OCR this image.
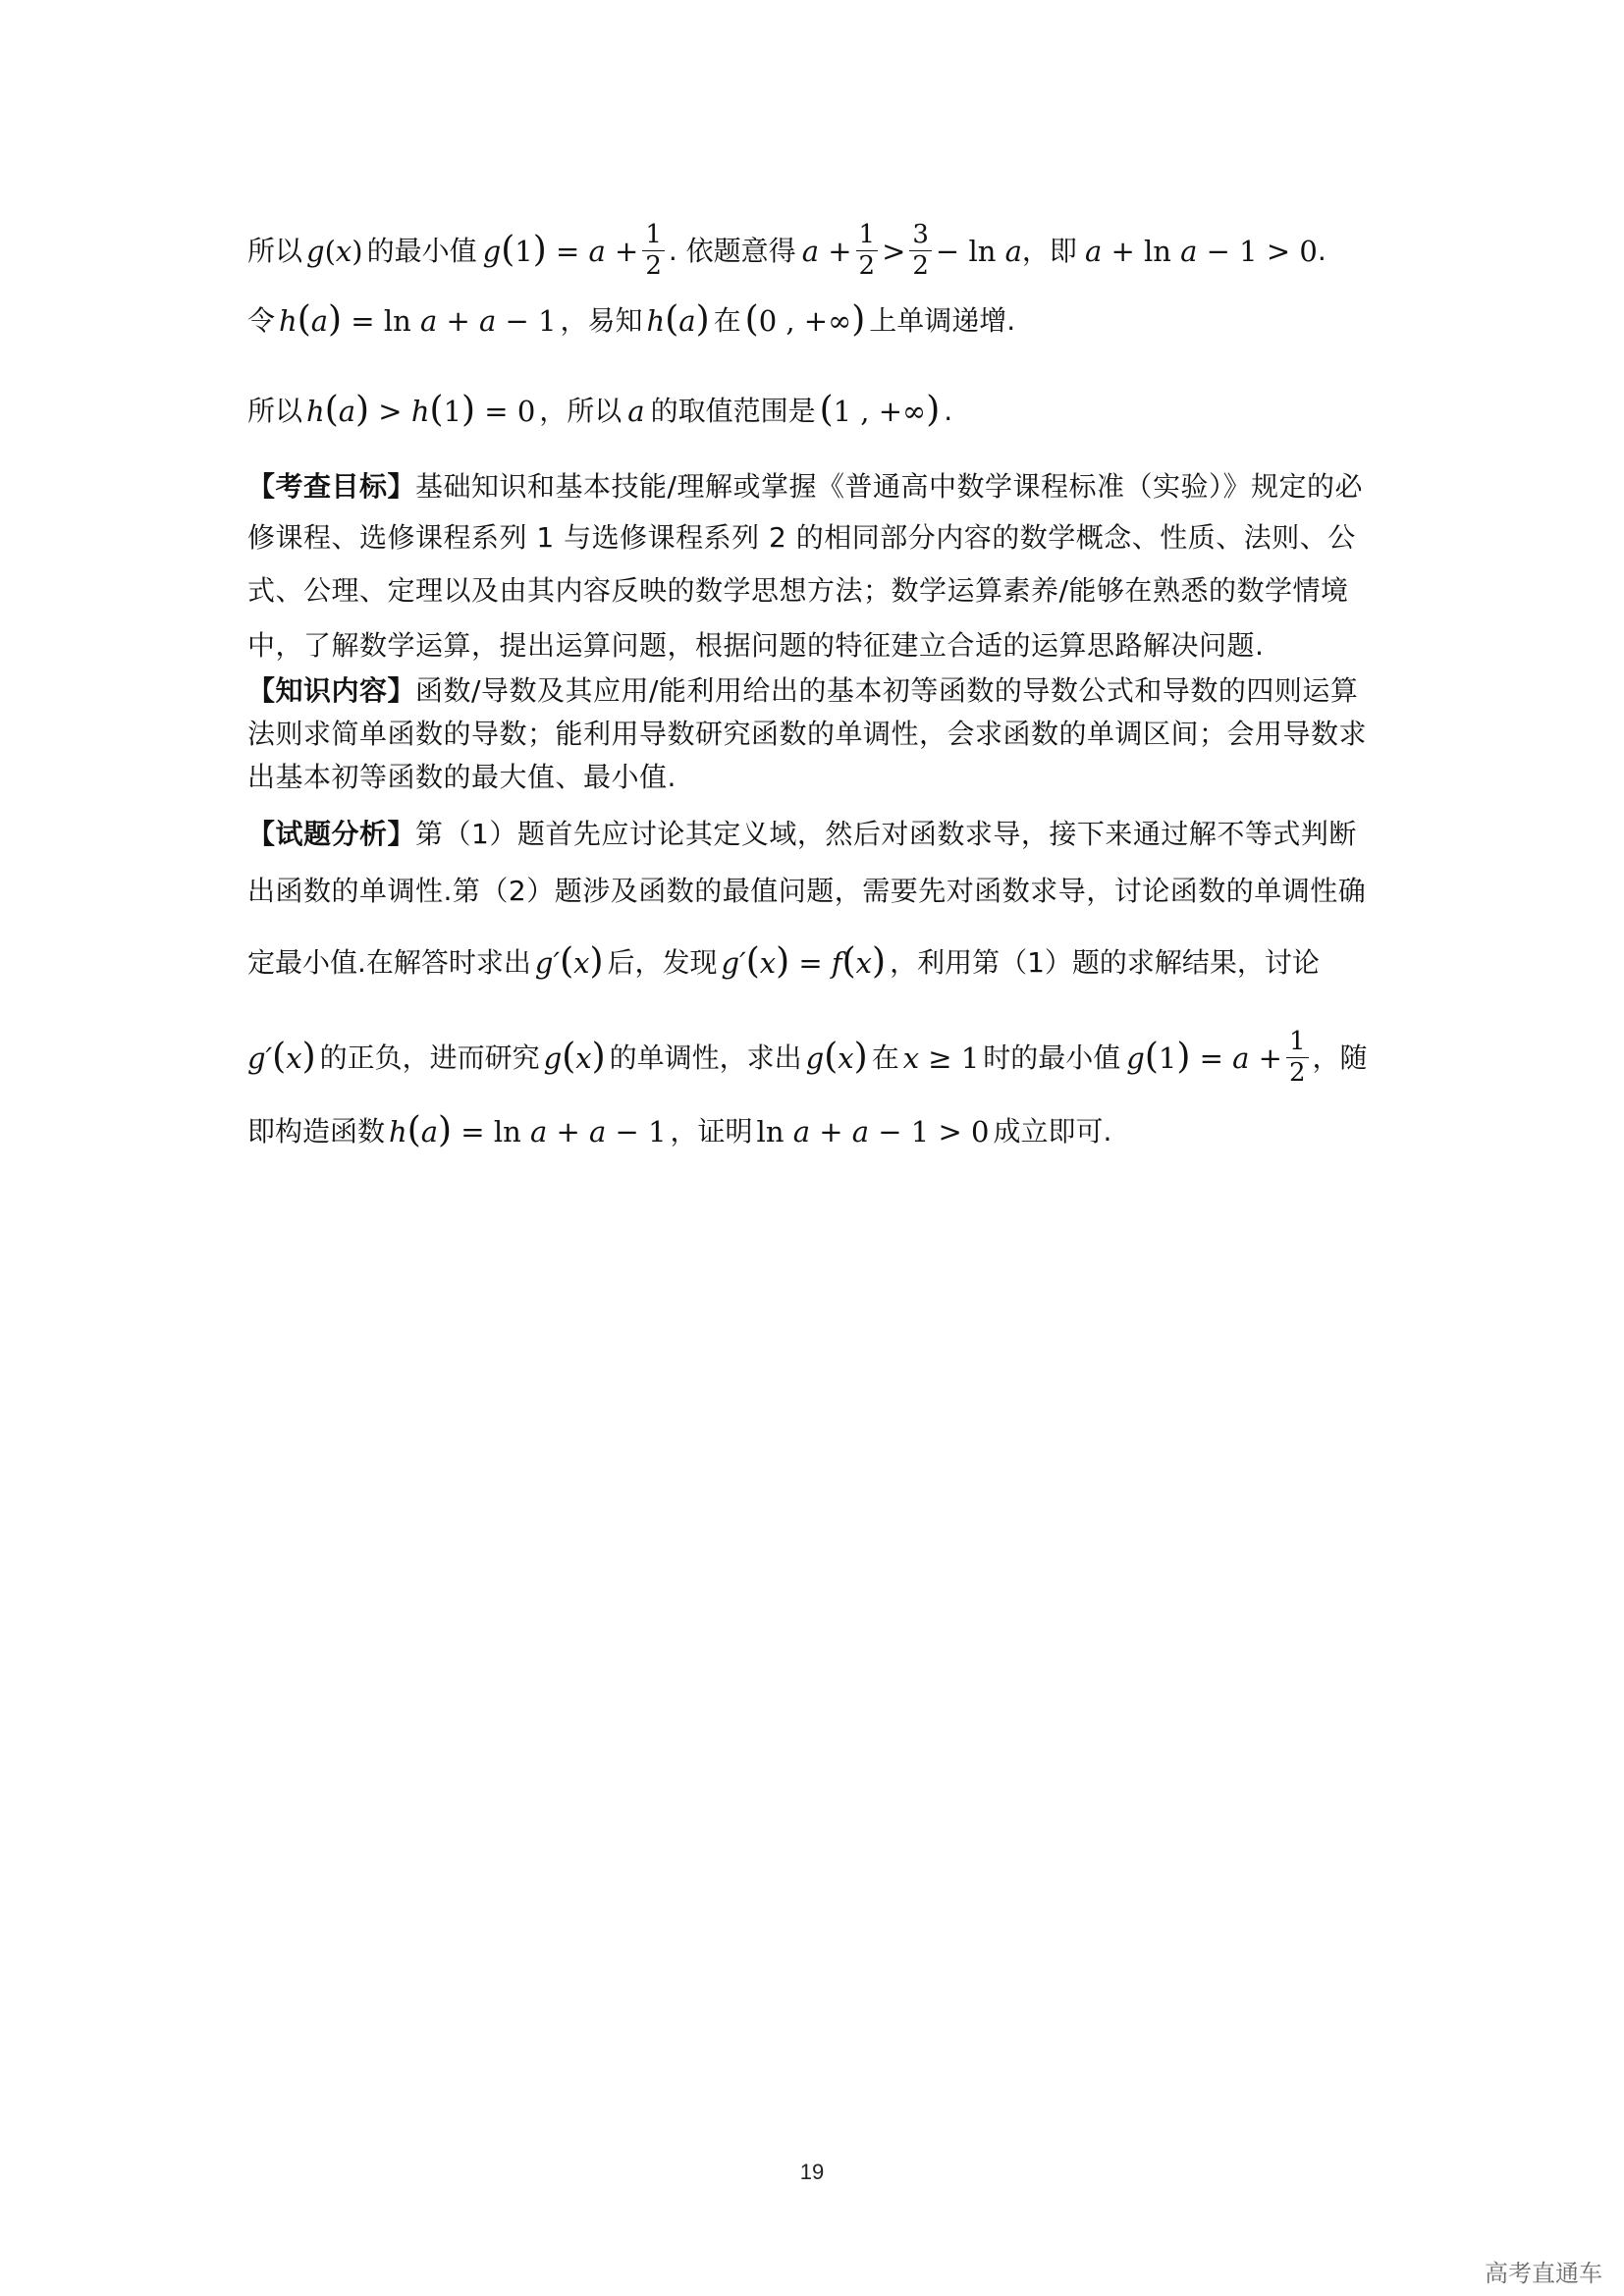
所以 g(x) 的最小值 $g(1) = a + \frac{1}{2}$ . 依题意得 $a + \frac{1}{2} > \frac{3}{2} - \ln a$ ，即 a + ln a − 1 > 0 .
令 h(a) = ln a + a − 1 ，易知 h(a) 在 (0 , +∞) 上单调递增.
所以 h(a) > h(1) = 0 ，所以 a 的取值范围是 (1 , +∞) .
【考查目标】基础知识和基本技能/理解或掌握《普通高中数学课程标准（实验）》规定的必
修课程、选修课程系列 1 与选修课程系列 2 的相同部分内容的数学概念、性质、法则、公
式、公理、定理以及由其内容反映的数学思想方法；数学运算素养/能够在熟悉的数学情境
中，了解数学运算，提出运算问题，根据问题的特征建立合适的运算思路解决问题.
【知识内容】函数/导数及其应用/能利用给出的基本初等函数的导数公式和导数的四则运算
法则求简单函数的导数；能利用导数研究函数的单调性，会求函数的单调区间；会用导数求
出基本初等函数的最大值、最小值.
【试题分析】第（1）题首先应讨论其定义域，然后对函数求导，接下来通过解不等式判断
出函数的单调性.第（2）题涉及函数的最值问题，需要先对函数求导，讨论函数的单调性确
定最小值.在解答时求出 g′(x) 后，发现 g′(x) = f(x) ，利用第（1）题的求解结果，讨论
g′(x) 的正负，进而研究 g(x) 的单调性，求出 g(x) 在 x ≥ 1 时的最小值 $g(1) = a + \frac{1}{2}$ ，随
即构造函数 h(a) = ln a + a − 1 ，证明 ln a + a − 1 > 0 成立即可.
19
高考直通车
